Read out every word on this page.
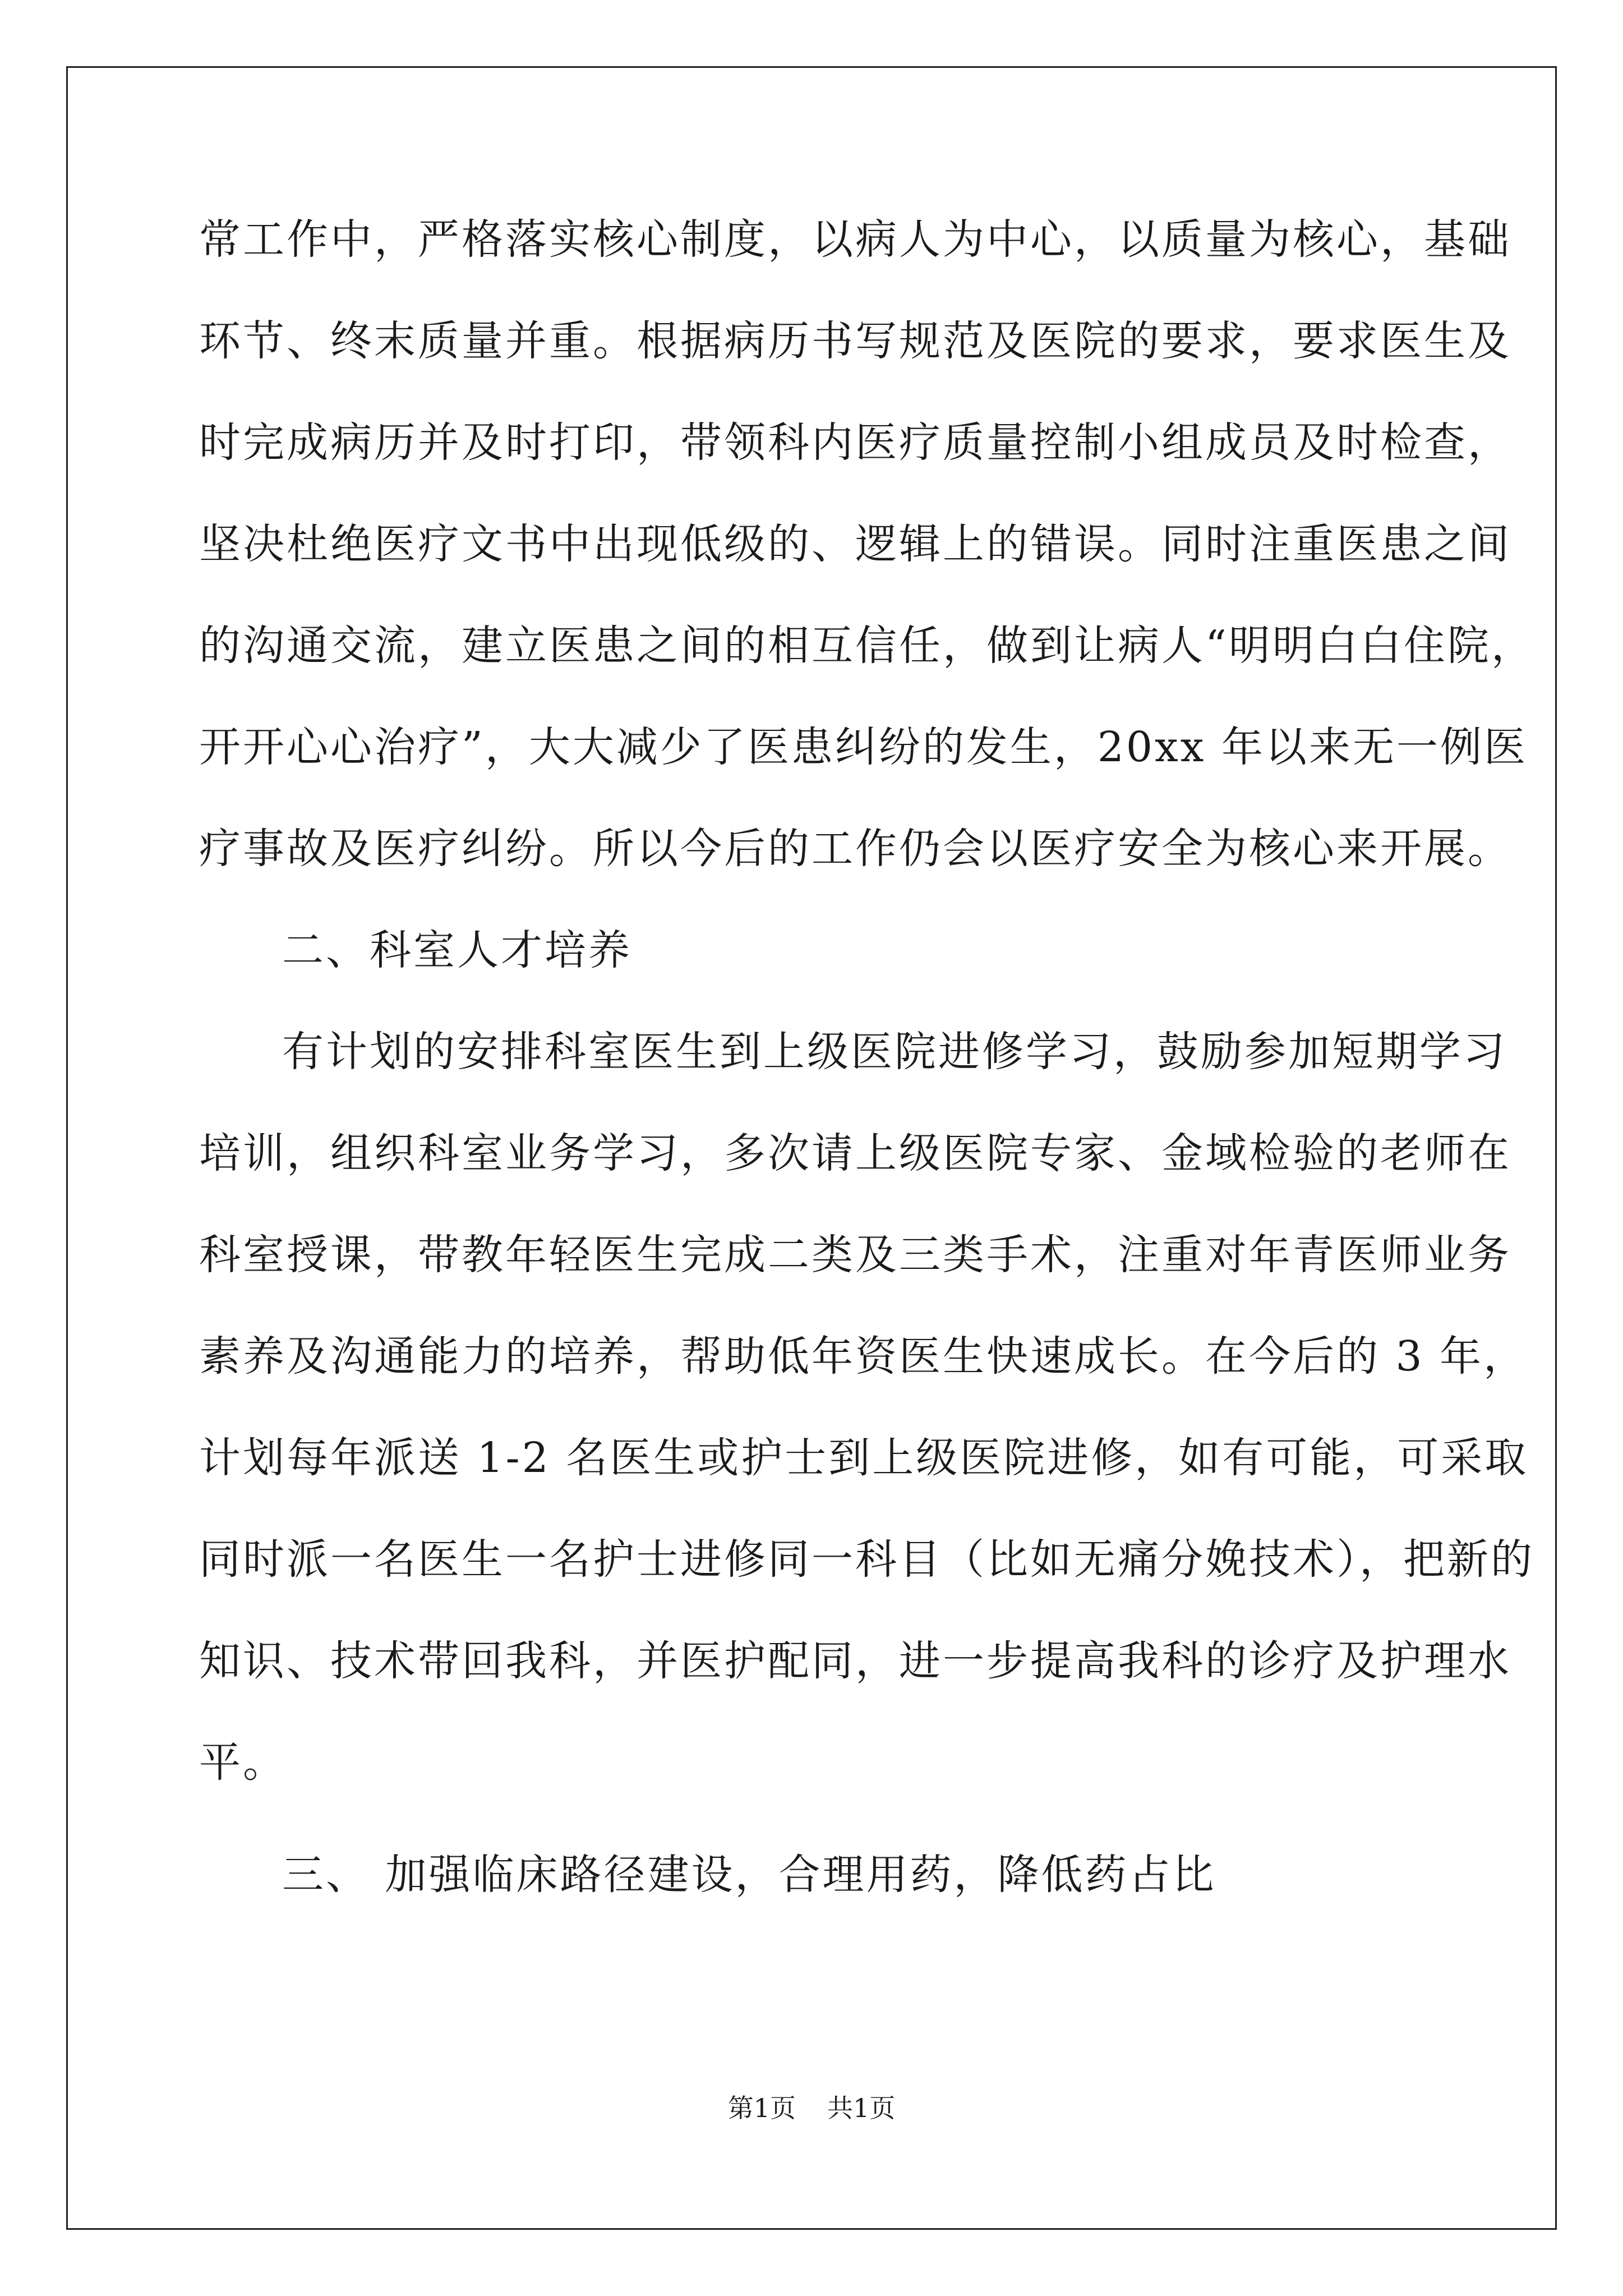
常工作中，严格落实核心制度，以病人为中心，以质量为核心，基础
环节、终末质量并重。根据病历书写规范及医院的要求，要求医生及
时完成病历并及时打印，带领科内医疗质量控制小组成员及时检查，
坚决杜绝医疗文书中出现低级的、逻辑上的错误。同时注重医患之间
的沟通交流，建立医患之间的相互信任，做到让病人“明明白白住院，
开开心心治疗”，大大减少了医患纠纷的发生，20xx 年以来无一例医
疗事故及医疗纠纷。所以今后的工作仍会以医疗安全为核心来开展。
二、科室人才培养
有计划的安排科室医生到上级医院进修学习，鼓励参加短期学习
培训，组织科室业务学习，多次请上级医院专家、金域检验的老师在
科室授课，带教年轻医生完成二类及三类手术，注重对年青医师业务
素养及沟通能力的培养，帮助低年资医生快速成长。在今后的 3 年，
计划每年派送 1-2 名医生或护士到上级医院进修，如有可能，可采取
同时派一名医生一名护士进修同一科目（比如无痛分娩技术），把新的
知识、技术带回我科，并医护配同，进一步提高我科的诊疗及护理水
平。
三、 加强临床路径建设，合理用药，降低药占比
第1页 共1页
